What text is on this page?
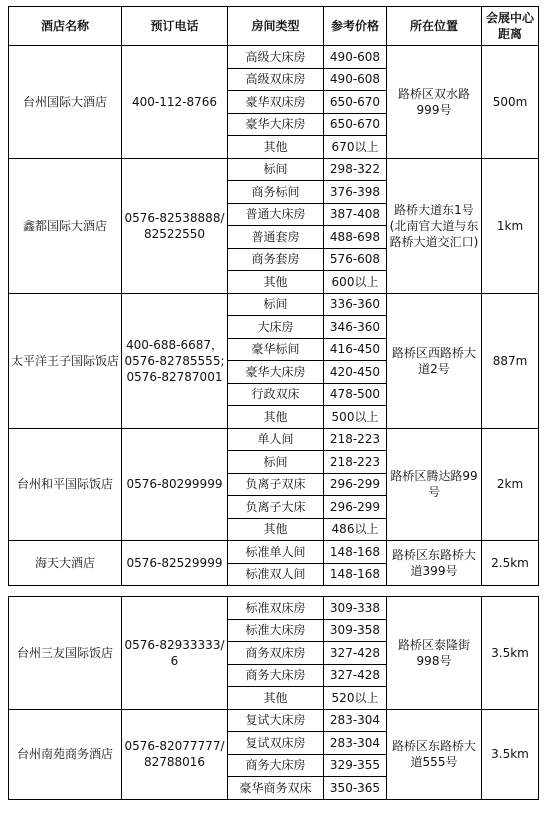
酒店名称	预订电话	房间类型	参考价格	所在位置	会展中心
距离

台州国际大酒店	400-112-8766	高级大床房	490-608	路桥区双水路999号	500m
		高级双床房	490-608		
		豪华双床房	650-670		
		豪华大床房	650-670		
		其他	670以上		
鑫都国际大酒店	0576-82538888/82522550	标间	298-322	路桥大道东1号(北南官大道与东路桥大道交汇口)	1km
		商务标间	376-398		
		普通大床房	387-408		
		普通套房	488-698		
		商务套房	576-608		
		其他	600以上		
太平洋王子国际饭店	400-688-6687，0576-82785555;0576-82787001	标间	336-360	路桥区西路桥大道2号	887m
		大床房	346-360		
		豪华标间	416-450		
		豪华大床房	420-450		
		行政双床	478-500		
		其他	500以上		
台州和平国际饭店	0576-80299999	单人间	218-223	路桥区腾达路99号	2km
		标间	218-223		
		负离子双床	296-299		
		负离子大床	296-299		
		其他	486以上		
海天大酒店	0576-82529999	标准单人间	148-168	路桥区东路桥大道399号	2.5km
		标准双人间	148-168		

台州三友国际饭店	0576-82933333/6	标准双床房	309-338	路桥区泰隆街998号	3.5km
		标准大床房	309-358		
		商务双床房	327-428		
		商务大床房	327-428		
		其他	520以上		
台州南苑商务酒店	0576-82077777/82788016	复试大床房	283-304	路桥区东路桥大道555号	3.5km
		复试双床房	283-304		
		商务大床房	329-355		
		豪华商务双床	350-365		
